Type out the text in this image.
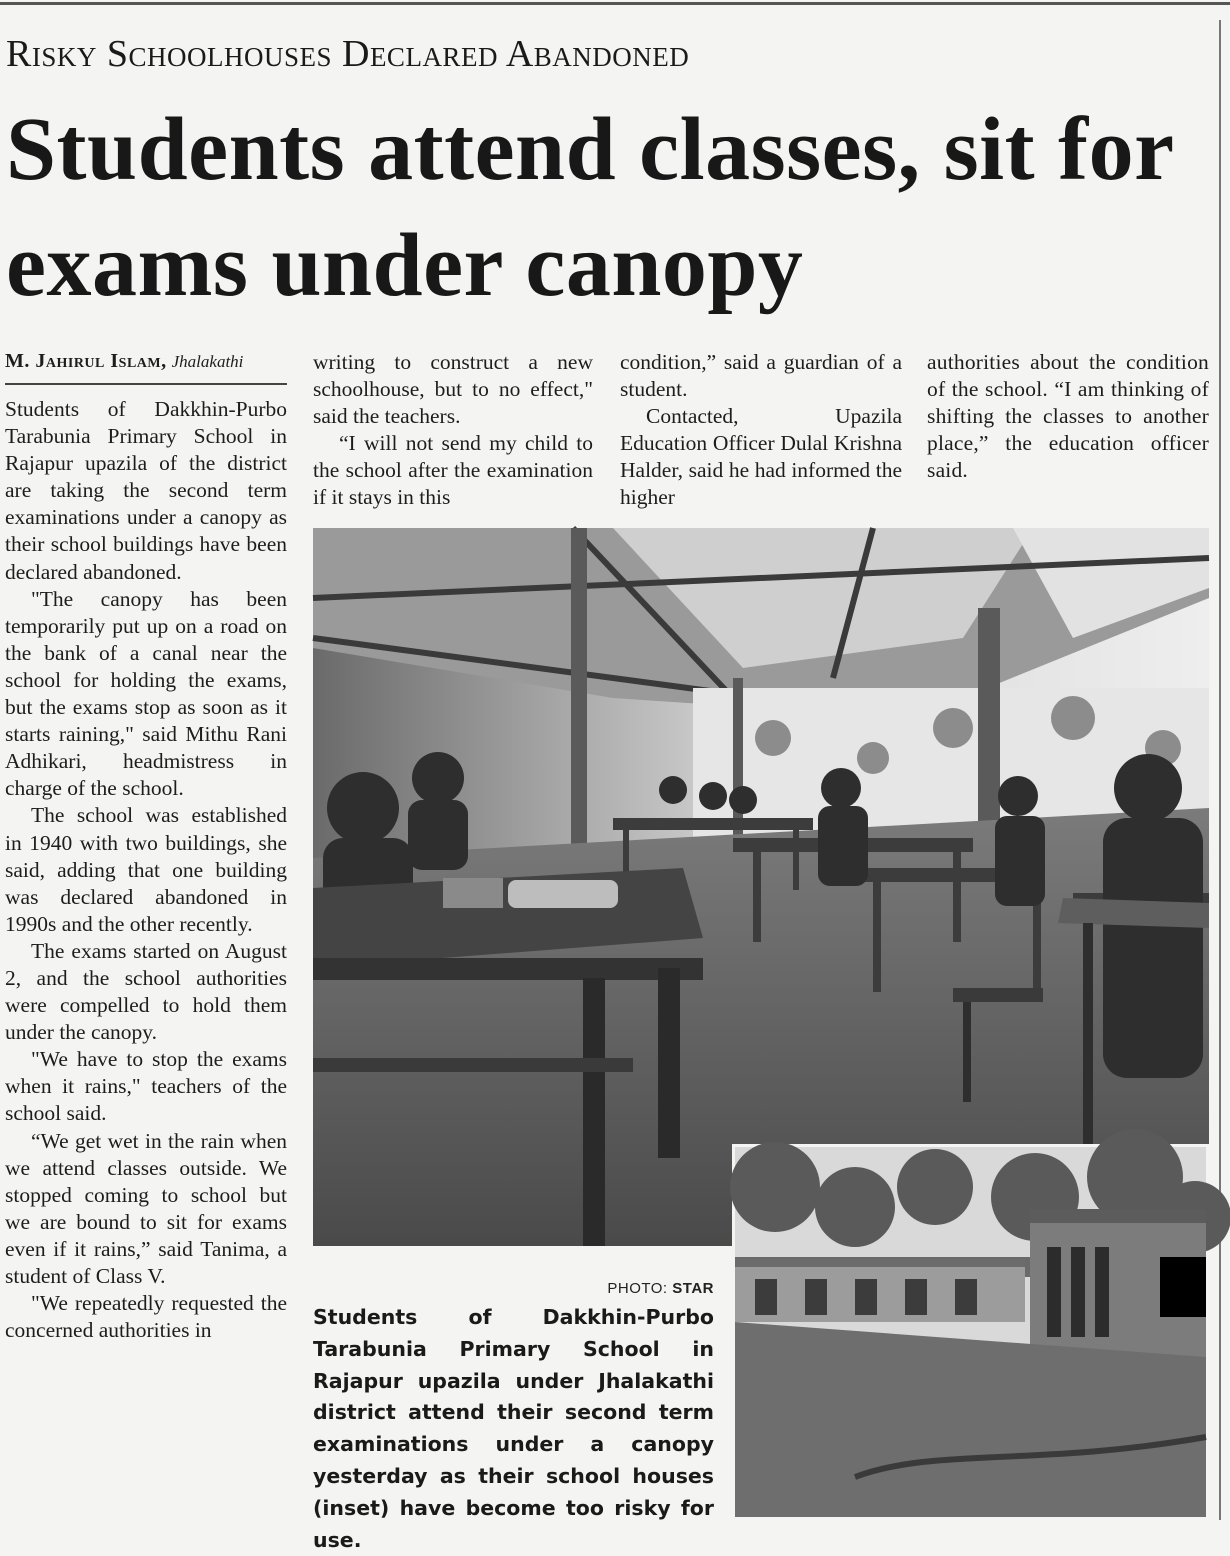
Risky Schoolhouses Declared Abandoned
Students attend classes, sit for exams under canopy
M. Jahirul Islam, Jhalakathi

Students of Dakkhin-Purbo Tarabunia Primary School in Rajapur upazila of the district are taking the second term examinations under a canopy as their school buildings have been declared abandoned.

"The canopy has been temporarily put up on a road on the bank of a canal near the school for holding the exams, but the exams stop as soon as it starts raining," said Mithu Rani Adhikari, headmistress in charge of the school.

The school was established in 1940 with two buildings, she said, adding that one building was declared abandoned in 1990s and the other recently.

The exams started on August 2, and the school authorities were compelled to hold them under the canopy.

"We have to stop the exams when it rains," teachers of the school said.

“We get wet in the rain when we attend classes outside. We stopped coming to school but we are bound to sit for exams even if it rains,” said Tanima, a student of Class V.

"We repeatedly requested the concerned authorities in

writing to construct a new schoolhouse, but to no effect," said the teachers.

“I will not send my child to the school after the examination if it stays in this

condition,” said a guardian of a student.

Contacted, Upazila Education Officer Dulal Krishna Halder, said he had informed the higher

authorities about the condition of the school. “I am thinking of shifting the classes to another place,” the education officer said.

PHOTO: STAR
Students of Dakkhin-Purbo Tarabunia Primary School in Rajapur upazila under Jhalakathi district attend their second term examinations under a canopy yesterday as their school houses (inset) have become too risky for use.
